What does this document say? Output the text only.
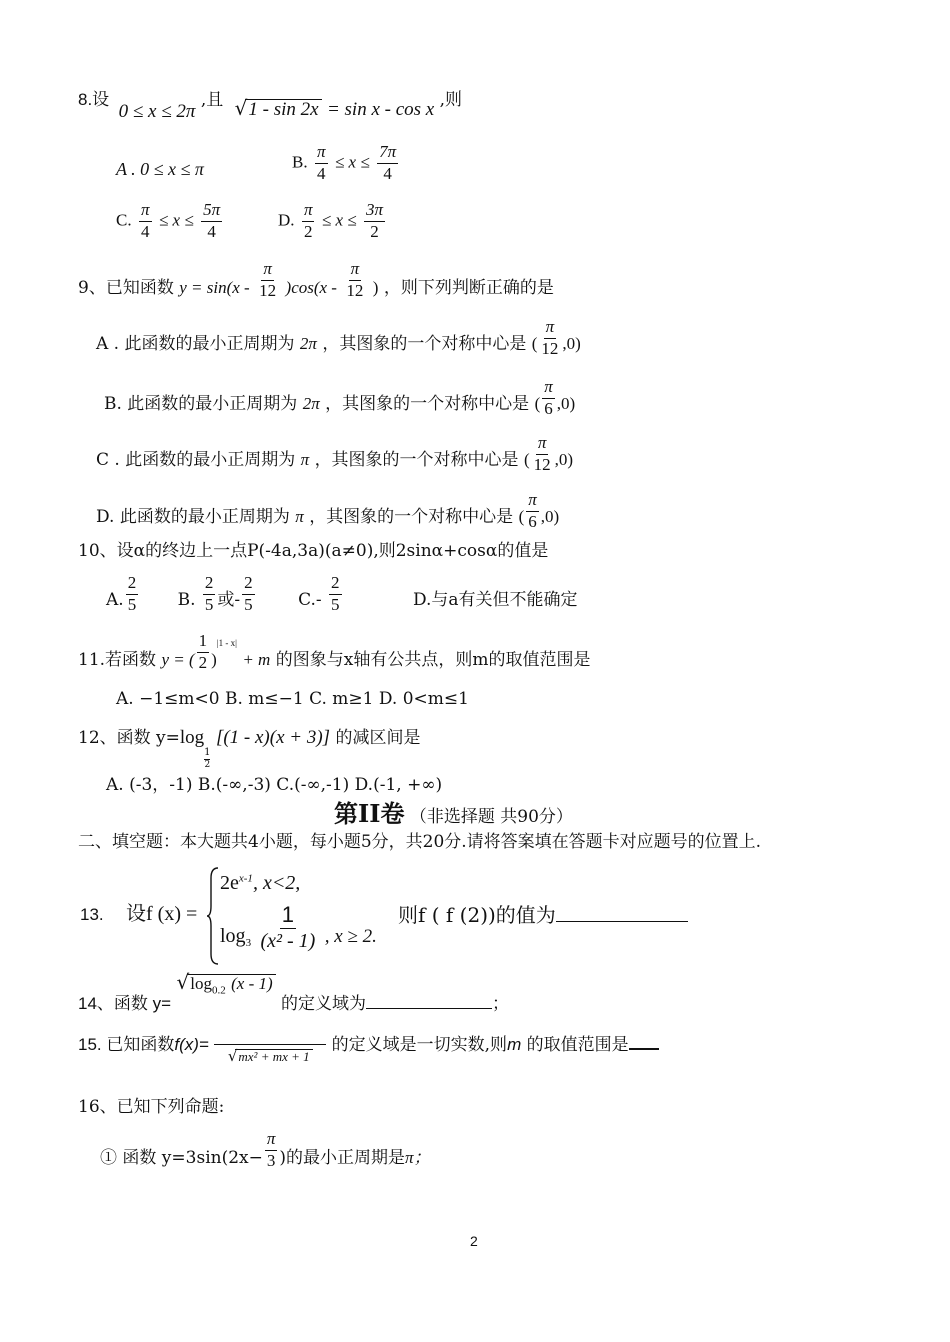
8.设 0 ≤ x ≤ 2π ,且 √1 - sin 2x = sin x - cos x ,则
A . 0 ≤ x ≤ π	B. $\frac{\pi}{4} \le x \le \frac{7\pi}{4}$
C. $\frac{\pi}{4} \le x \le \frac{5\pi}{4}$	D. $\frac{\pi}{2} \le x \le \frac{3\pi}{2}$
9、已知函数 $y = \sin(x - \frac{\pi}{12} )\cos(x - \frac{\pi}{12}$ ) ，则下列判断正确的是
A . 此函数的最小正周期为 2π ，其图象的一个对称中心是 ( $\frac{\pi}{12} ,0$)
B. 此函数的最小正周期为 2π ，其图象的一个对称中心是 ( $\frac{\pi}{6} ,0$)
C . 此函数的最小正周期为 π ，其图象的一个对称中心是 ( $\frac{\pi}{12} ,0$)
D. 此函数的最小正周期为 π ，其图象的一个对称中心是 ( $\frac{\pi}{6} ,0$)
10、设α的终边上一点P(-4a,3a)(a≠0),则2sinα+cosα的值是
A. $\frac{2}{5} B$. $\frac{2}{5}$ 或- $\frac{2}{5}$	$C.- \frac{2}{5}$	D.与a有关但不能确定
11.若函数 y = ( $\frac{1}{2} )^{|1 - x|} + m$ 的图象与x轴有公共点，则m的取值范围是
A. −1≤m<0 B. m≤−1 C. m≥1 D. 0<m≤1
12、函数 y=log
$\frac{1}{2}$
[(1 - x)(x + 3)] 的减区间是
A. (-3，-1) B.(-∞,-3) C.(-∞,-1) D.(-1, +∞)
第II卷 （非选择题 共90分）
二、填空题：本大题共4小题，每小题5分，共20分.请将答案填在答题卡对应题号的位置上.
13. 设f (x) =
$2e^{x-1}$, x<2,
$\log_3 \frac{1}{\text{(x² - 1)}}$ , x ≥ 2.
则f ( f (2))的值为
14、函数 $y= √\log_{0.2}$ (x - 1) 的定义域为	；
15. 已知函数f(x)=
√mx² + mx + 1
的定义域是一切实数,则m 的取值范围是
16、已知下列命题:
① 函数 $y=3\sin(2x- \frac{\pi}{3}$ )的最小正周期是π；
2
